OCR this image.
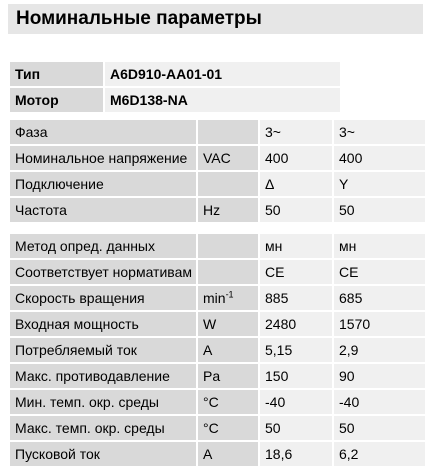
Номинальные параметры
Тип	A6D910-AA01-01
Мотор	M6D138-NA
Фаза		3~	3~
Номинальное напряжение	VAC	400	400
Подключение		Δ	Y
Частота	Hz	50	50
Метод опред. данных		мн	мн
Соответствует нормативам		CE	CE
Скорость вращения	$\min^{-1}$	885	685
Входная мощность	W	2480	1570
Потребляемый ток	A	5,15	2,9
Макс. противодавление	Pa	150	90
Мин. темп. окр. среды	°C	-40	-40
Макс. темп. окр. среды	°C	50	50
Пусковой ток	A	18,6	6,2
